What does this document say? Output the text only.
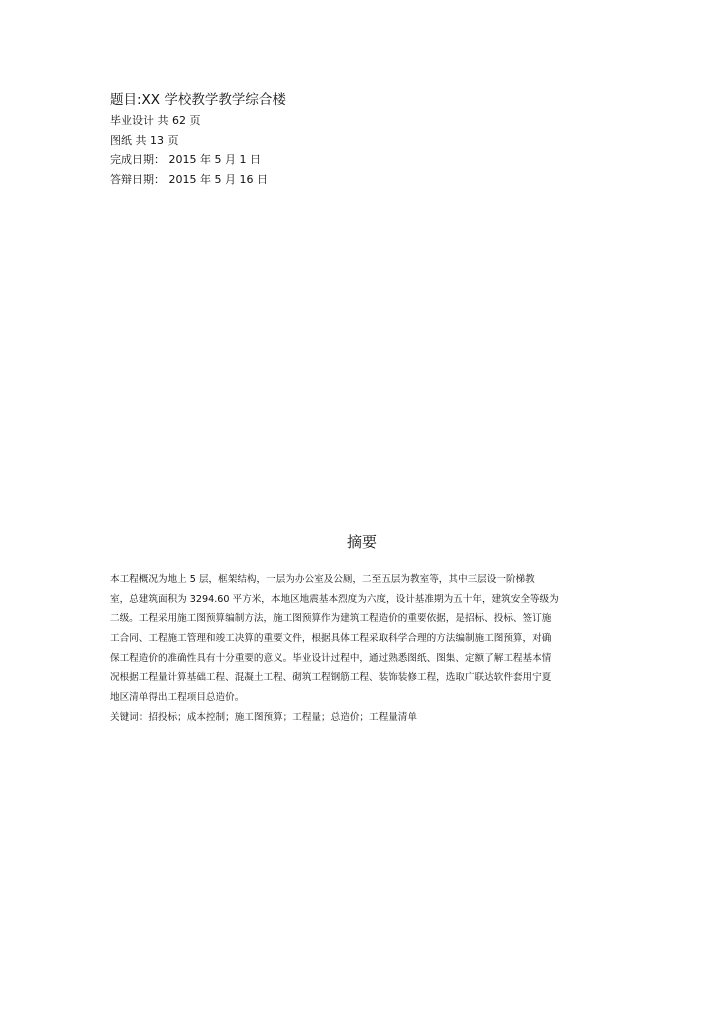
题目:XX 学校教学教学综合楼
毕业设计 共 62 页
图纸 共 13 页
完成日期： 2015 年 5 月 1 日
答辩日期： 2015 年 5 月 16 日
摘要
本工程概况为地上 5 层，框架结构，一层为办公室及公厕，二至五层为教室等，其中三层设一阶梯教
室，总建筑面积为 3294.60 平方米，本地区地震基本烈度为六度，设计基准期为五十年，建筑安全等级为
二级。工程采用施工图预算编制方法，施工图预算作为建筑工程造价的重要依据，是招标、投标、签订施
工合同、工程施工管理和竣工决算的重要文件，根据具体工程采取科学合理的方法编制施工图预算，对确
保工程造价的准确性具有十分重要的意义。毕业设计过程中，通过熟悉图纸、图集、定额了解工程基本情
况根据工程量计算基础工程、混凝土工程、砌筑工程钢筋工程、装饰装修工程，选取广联达软件套用宁夏
地区清单得出工程项目总造价。
关键词：招投标；成本控制；施工图预算；工程量；总造价；工程量清单
